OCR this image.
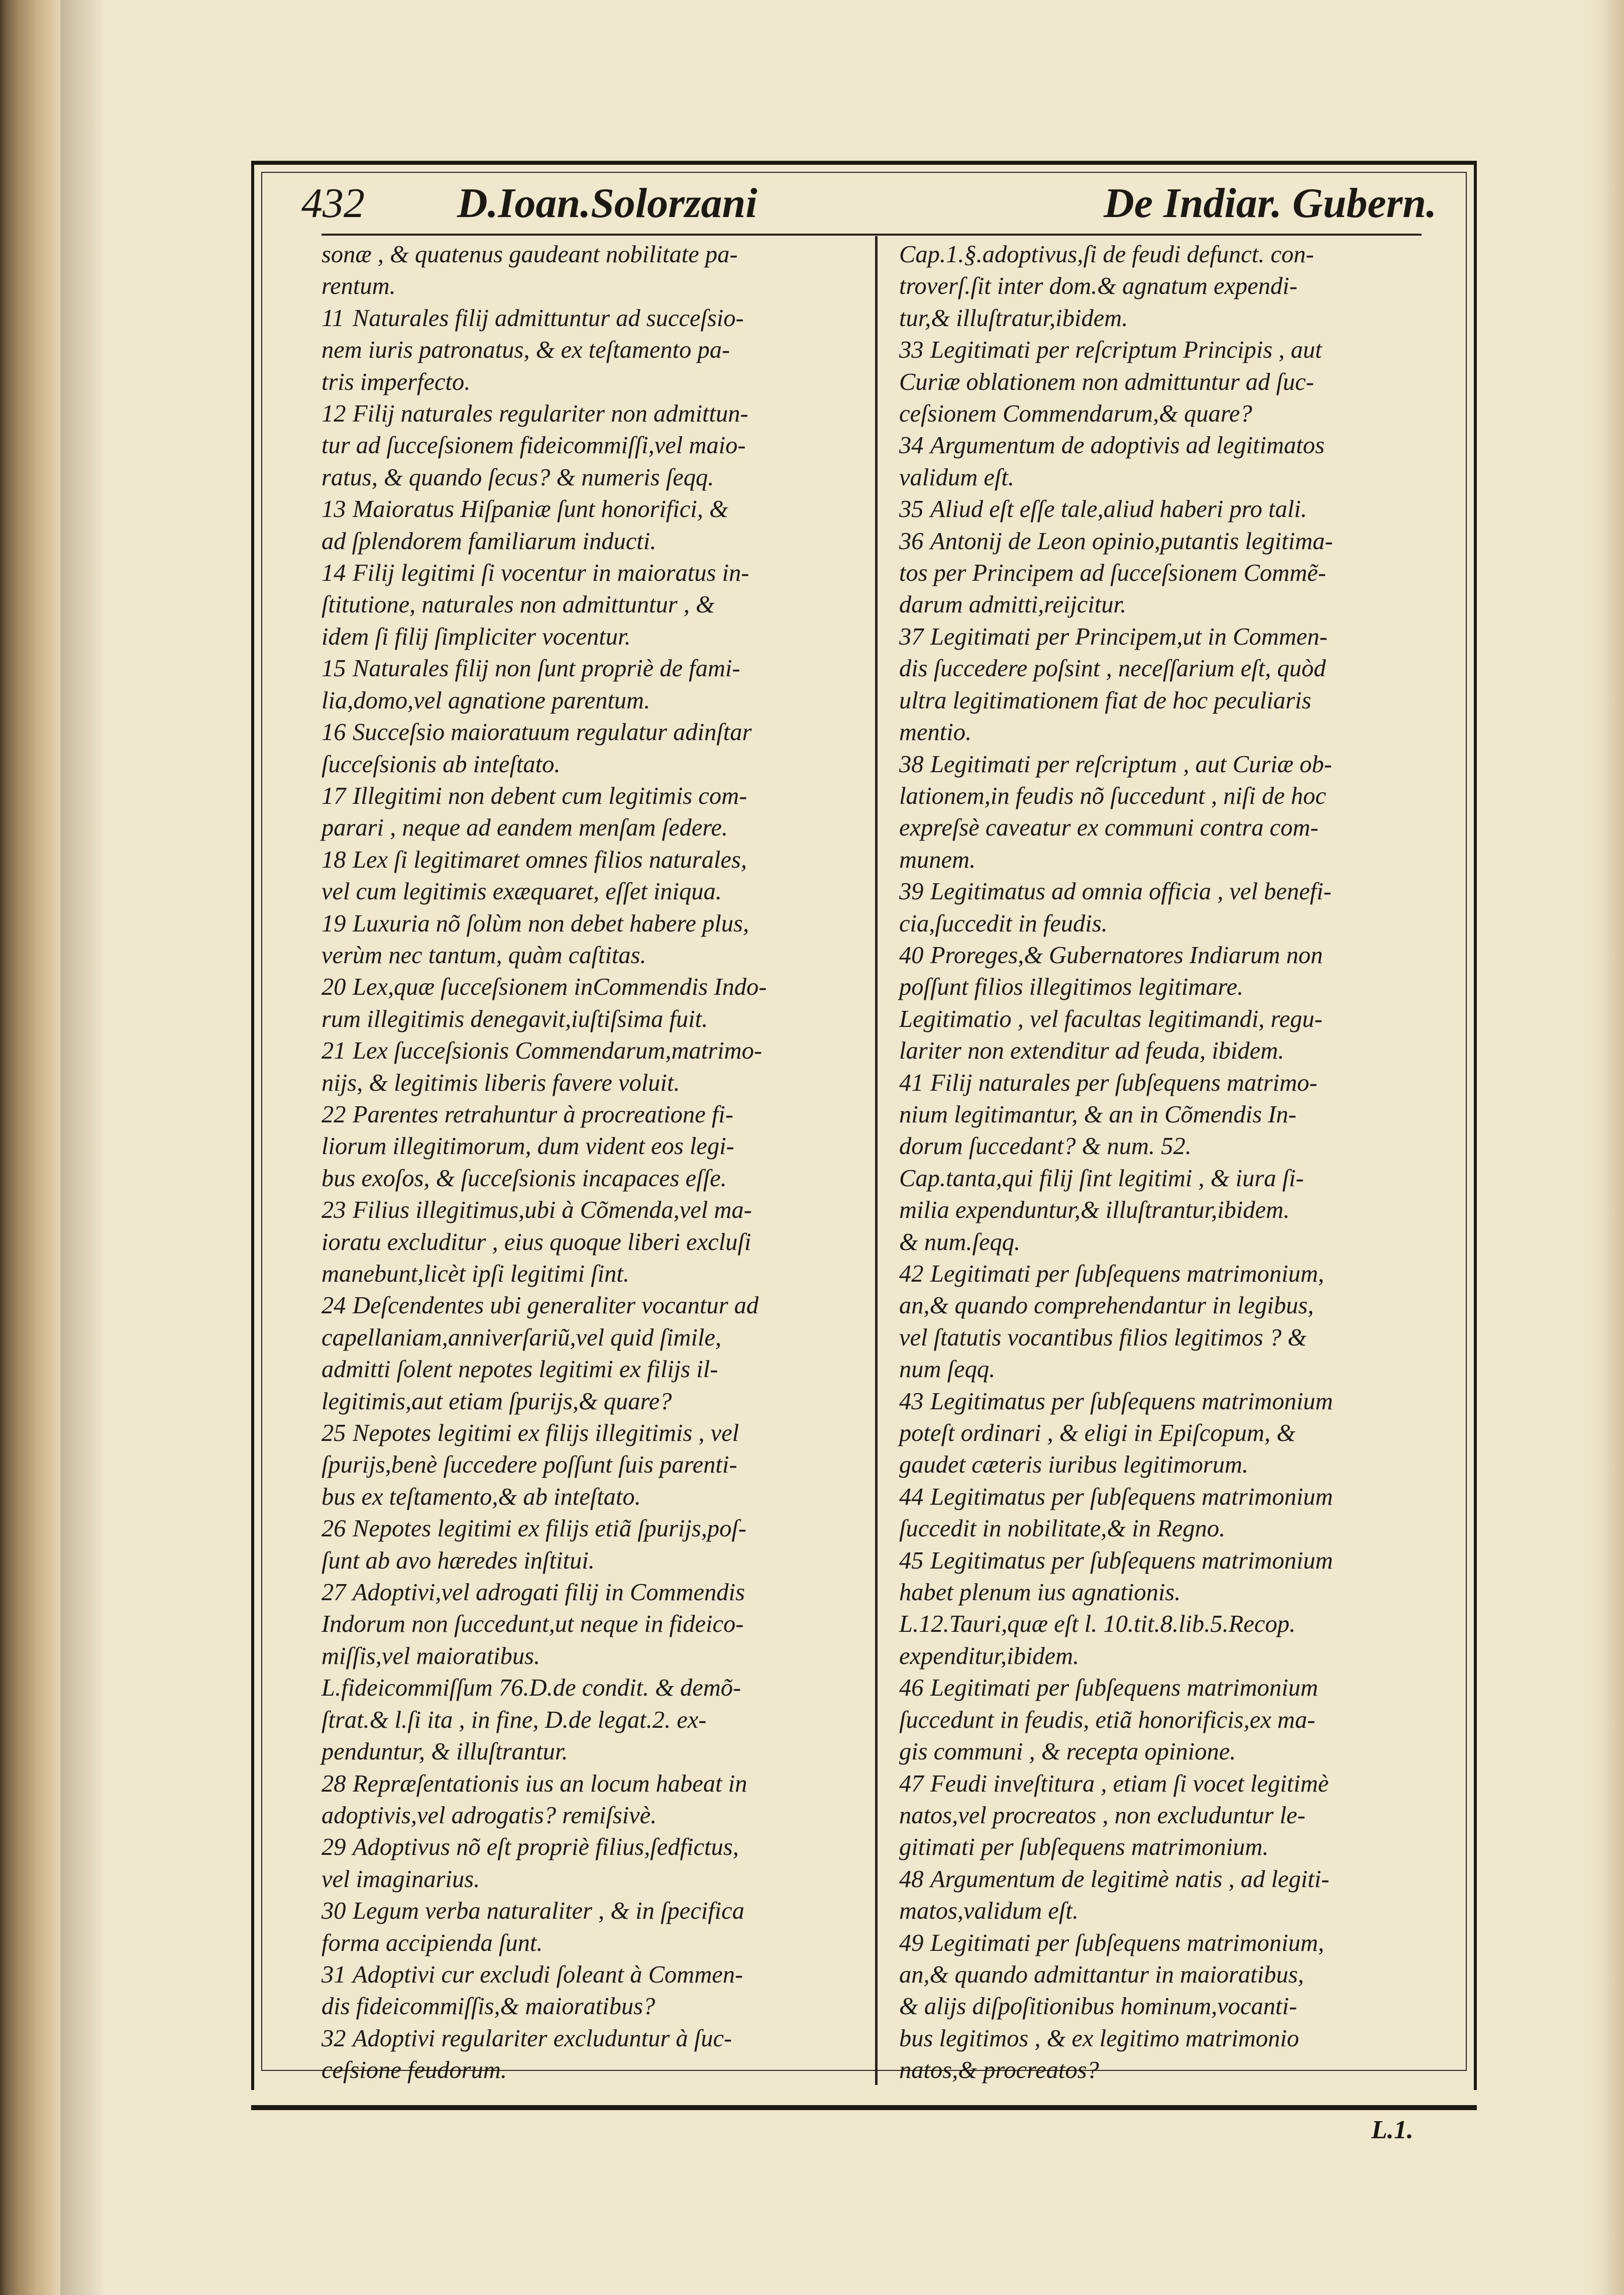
432 D.Ioan.Solorzani	De Indiar. Gubern.

sonæ , & quatenus gaudeant nobilitate pa-
rentum.

11 Naturales filij admittuntur ad succeſsio-

nem iuris patronatus, & ex teſtamento pa-
tris imperfecto.

12 Filij naturales regulariter non admittun-

tur ad ſucceſsionem fideicommiſſi,vel maio-
ratus, & quando ſecus? & numeris ſeqq.

13 Maioratus Hiſpaniæ ſunt honorifici, &

ad ſplendorem familiarum inducti.

14 Filij legitimi ſi vocentur in maioratus in-

ſtitutione, naturales non admittuntur , &
idem ſi filij ſimpliciter vocentur.

15 Naturales filij non ſunt propriè de fami-

lia,domo,vel agnatione parentum.

16 Succeſsio maioratuum regulatur adinſtar

ſucceſsionis ab inteſtato.

17 Illegitimi non debent cum legitimis com-

parari , neque ad eandem menſam ſedere.

18 Lex ſi legitimaret omnes filios naturales,

vel cum legitimis exæquaret, eſſet iniqua.

19 Luxuria nõ ſolùm non debet habere plus,

verùm nec tantum, quàm caſtitas.

20 Lex,quæ ſucceſsionem inCommendis Indo-

rum illegitimis denegavit,iuſtiſsima fuit.

21 Lex ſucceſsionis Commendarum,matrimo-

nijs, & legitimis liberis favere voluit.

22 Parentes retrahuntur à procreatione fi-

liorum illegitimorum, dum vident eos legi-
bus exoſos, & ſucceſsionis incapaces eſſe.

23 Filius illegitimus,ubi à Cõmenda,vel ma-

ioratu excluditur , eius quoque liberi excluſi
manebunt,licèt ipſi legitimi ſint.

24 Deſcendentes ubi generaliter vocantur ad

capellaniam,anniverſariũ,vel quid ſimile,
admitti ſolent nepotes legitimi ex filijs il-
legitimis,aut etiam ſpurijs,& quare?

25 Nepotes legitimi ex filijs illegitimis , vel

ſpurijs,benè ſuccedere poſſunt ſuis parenti-
bus ex teſtamento,& ab inteſtato.

26 Nepotes legitimi ex filijs etiã ſpurijs,poſ-

ſunt ab avo hæredes inſtitui.

27 Adoptivi,vel adrogati filij in Commendis

Indorum non ſuccedunt,ut neque in fideico-
miſſis,vel maioratibus.

L.fideicommiſſum 76.D.de condit. & demõ-
ſtrat.& l.ſi ita , in fine, D.de legat.2. ex-
penduntur, & illuſtrantur.

28 Repræſentationis ius an locum habeat in

adoptivis,vel adrogatis? remiſsivè.

29 Adoptivus nõ eſt propriè filius,ſedfictus,

vel imaginarius.

30 Legum verba naturaliter , & in ſpecifica

forma accipienda ſunt.

31 Adoptivi cur excludi ſoleant à Commen-

dis fideicommiſſis,& maioratibus?

32 Adoptivi regulariter excluduntur à ſuc-

ceſsione feudorum.

Cap.1.§.adoptivus,ſi de feudi defunct. con-
troverſ.ſit inter dom.& agnatum expendi-
tur,& illuſtratur,ibidem.

33 Legitimati per reſcriptum Principis , aut

Curiæ oblationem non admittuntur ad ſuc-
ceſsionem Commendarum,& quare?

34 Argumentum de adoptivis ad legitimatos

validum eſt.

35 Aliud eſt eſſe tale,aliud haberi pro tali.

36 Antonij de Leon opinio,putantis legitima-

tos per Principem ad ſucceſsionem Commẽ-
darum admitti,reijcitur.

37 Legitimati per Principem,ut in Commen-

dis ſuccedere poſsint , neceſſarium eſt, quòd
ultra legitimationem fiat de hoc peculiaris
mentio.

38 Legitimati per reſcriptum , aut Curiæ ob-

lationem,in feudis nõ ſuccedunt , niſi de hoc
expreſsè caveatur ex communi contra com-
munem.

39 Legitimatus ad omnia officia , vel benefi-

cia,ſuccedit in feudis.

40 Proreges,& Gubernatores Indiarum non

poſſunt filios illegitimos legitimare.

Legitimatio , vel facultas legitimandi, regu-
lariter non extenditur ad feuda, ibidem.

41 Filij naturales per ſubſequens matrimo-

nium legitimantur, & an in Cõmendis In-
dorum ſuccedant? & num. 52.

Cap.tanta,qui filij ſint legitimi , & iura ſi-
milia expenduntur,& illuſtrantur,ibidem.
& num.ſeqq.

42 Legitimati per ſubſequens matrimonium,

an,& quando comprehendantur in legibus,
vel ſtatutis vocantibus filios legitimos ? &
num ſeqq.

43 Legitimatus per ſubſequens matrimonium

poteſt ordinari , & eligi in Epiſcopum, &
gaudet cæteris iuribus legitimorum.

44 Legitimatus per ſubſequens matrimonium

ſuccedit in nobilitate,& in Regno.

45 Legitimatus per ſubſequens matrimonium

habet plenum ius agnationis.

L.12.Tauri,quæ eſt l. 10.tit.8.lib.5.Recop.
expenditur,ibidem.

46 Legitimati per ſubſequens matrimonium

ſuccedunt in feudis, etiã honorificis,ex ma-
gis communi , & recepta opinione.

47 Feudi inveſtitura , etiam ſi vocet legitimè

natos,vel procreatos , non excluduntur le-
gitimati per ſubſequens matrimonium.

48 Argumentum de legitimè natis , ad legiti-

matos,validum eſt.

49 Legitimati per ſubſequens matrimonium,

an,& quando admittantur in maioratibus,
& alijs diſpoſitionibus hominum,vocanti-
bus legitimos , & ex legitimo matrimonio
natos,& procreatos?

L.1.
